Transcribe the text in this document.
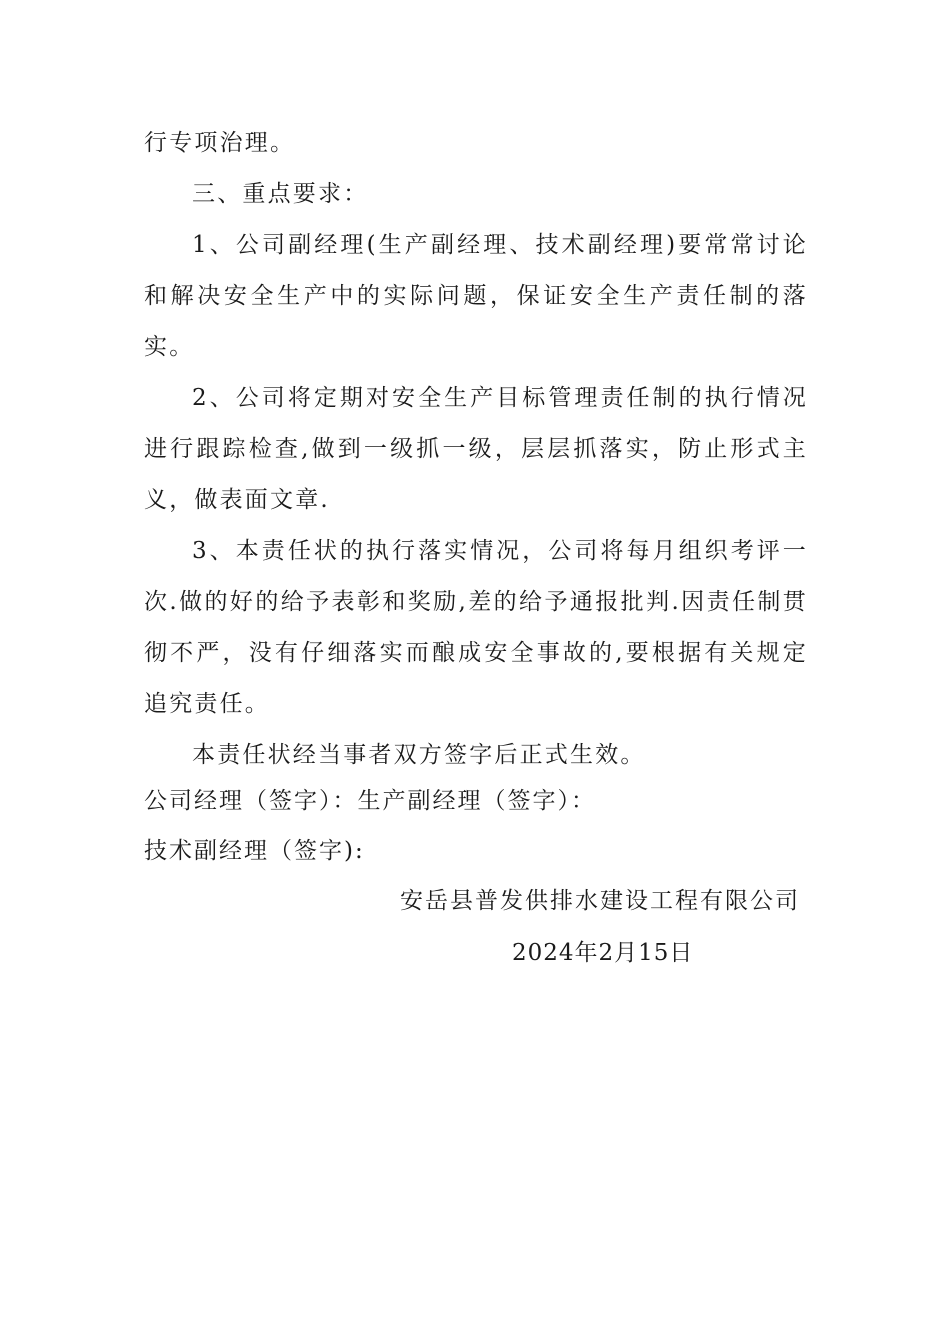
行专项治理。

三、重点要求：

1、公司副经理(生产副经理、技术副经理)要常常讨论和解决安全生产中的实际问题，保证安全生产责任制的落实。

2、公司将定期对安全生产目标管理责任制的执行情况进行跟踪检查,做到一级抓一级，层层抓落实，防止形式主义，做表面文章.

3、本责任状的执行落实情况，公司将每月组织考评一次.做的好的给予表彰和奖励,差的给予通报批判.因责任制贯彻不严，没有仔细落实而酿成安全事故的,要根据有关规定追究责任。

本责任状经当事者双方签字后正式生效。

公司经理（签字）：生产副经理（签字）：
技术副经理（签字):
安岳县普发供排水建设工程有限公司
2024年2月15日
